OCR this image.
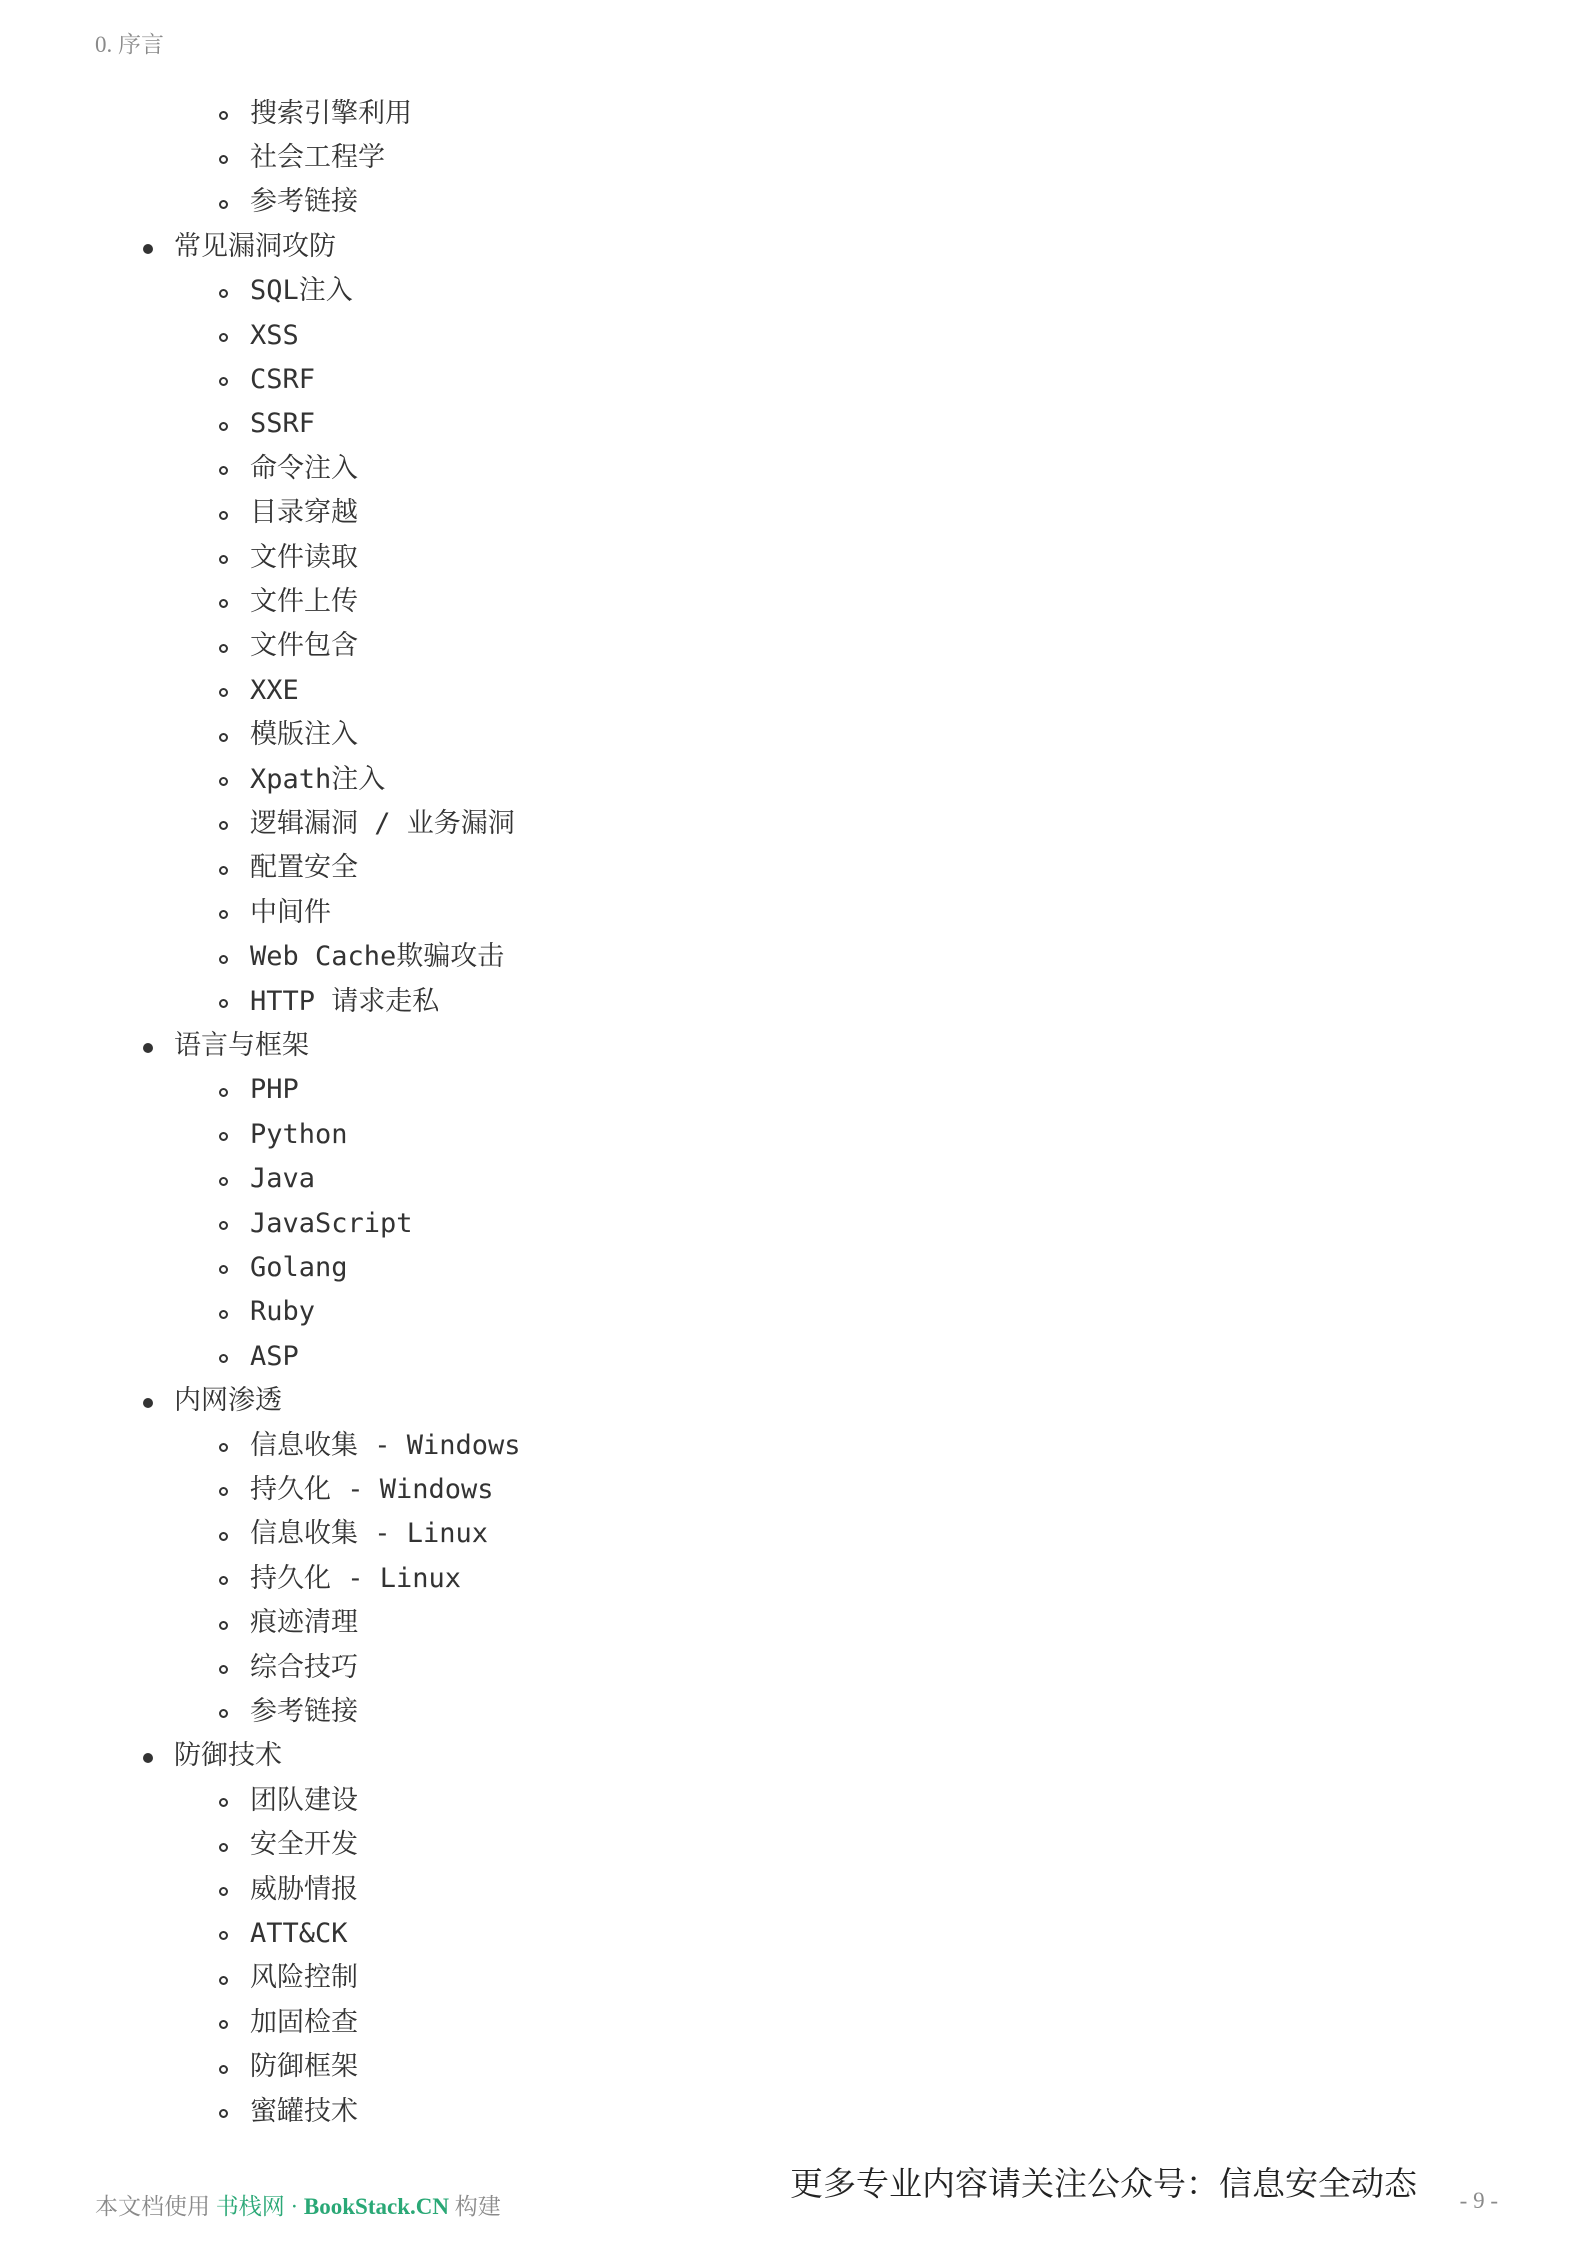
0. 序言
搜索引擎利用
社会工程学
参考链接
常见漏洞攻防
SQL注入
XSS
CSRF
SSRF
命令注入
目录穿越
文件读取
文件上传
文件包含
XXE
模版注入
Xpath注入
逻辑漏洞 / 业务漏洞
配置安全
中间件
Web Cache欺骗攻击
HTTP 请求走私
语言与框架
PHP
Python
Java
JavaScript
Golang
Ruby
ASP
内网渗透
信息收集 - Windows
持久化 - Windows
信息收集 - Linux
持久化 - Linux
痕迹清理
综合技巧
参考链接
防御技术
团队建设
安全开发
威胁情报
ATT&CK
风险控制
加固检查
防御框架
蜜罐技术
本文档使用 书栈网 · BookStack.CN 构建
更多专业内容请关注公众号：信息安全动态 - 9 -
